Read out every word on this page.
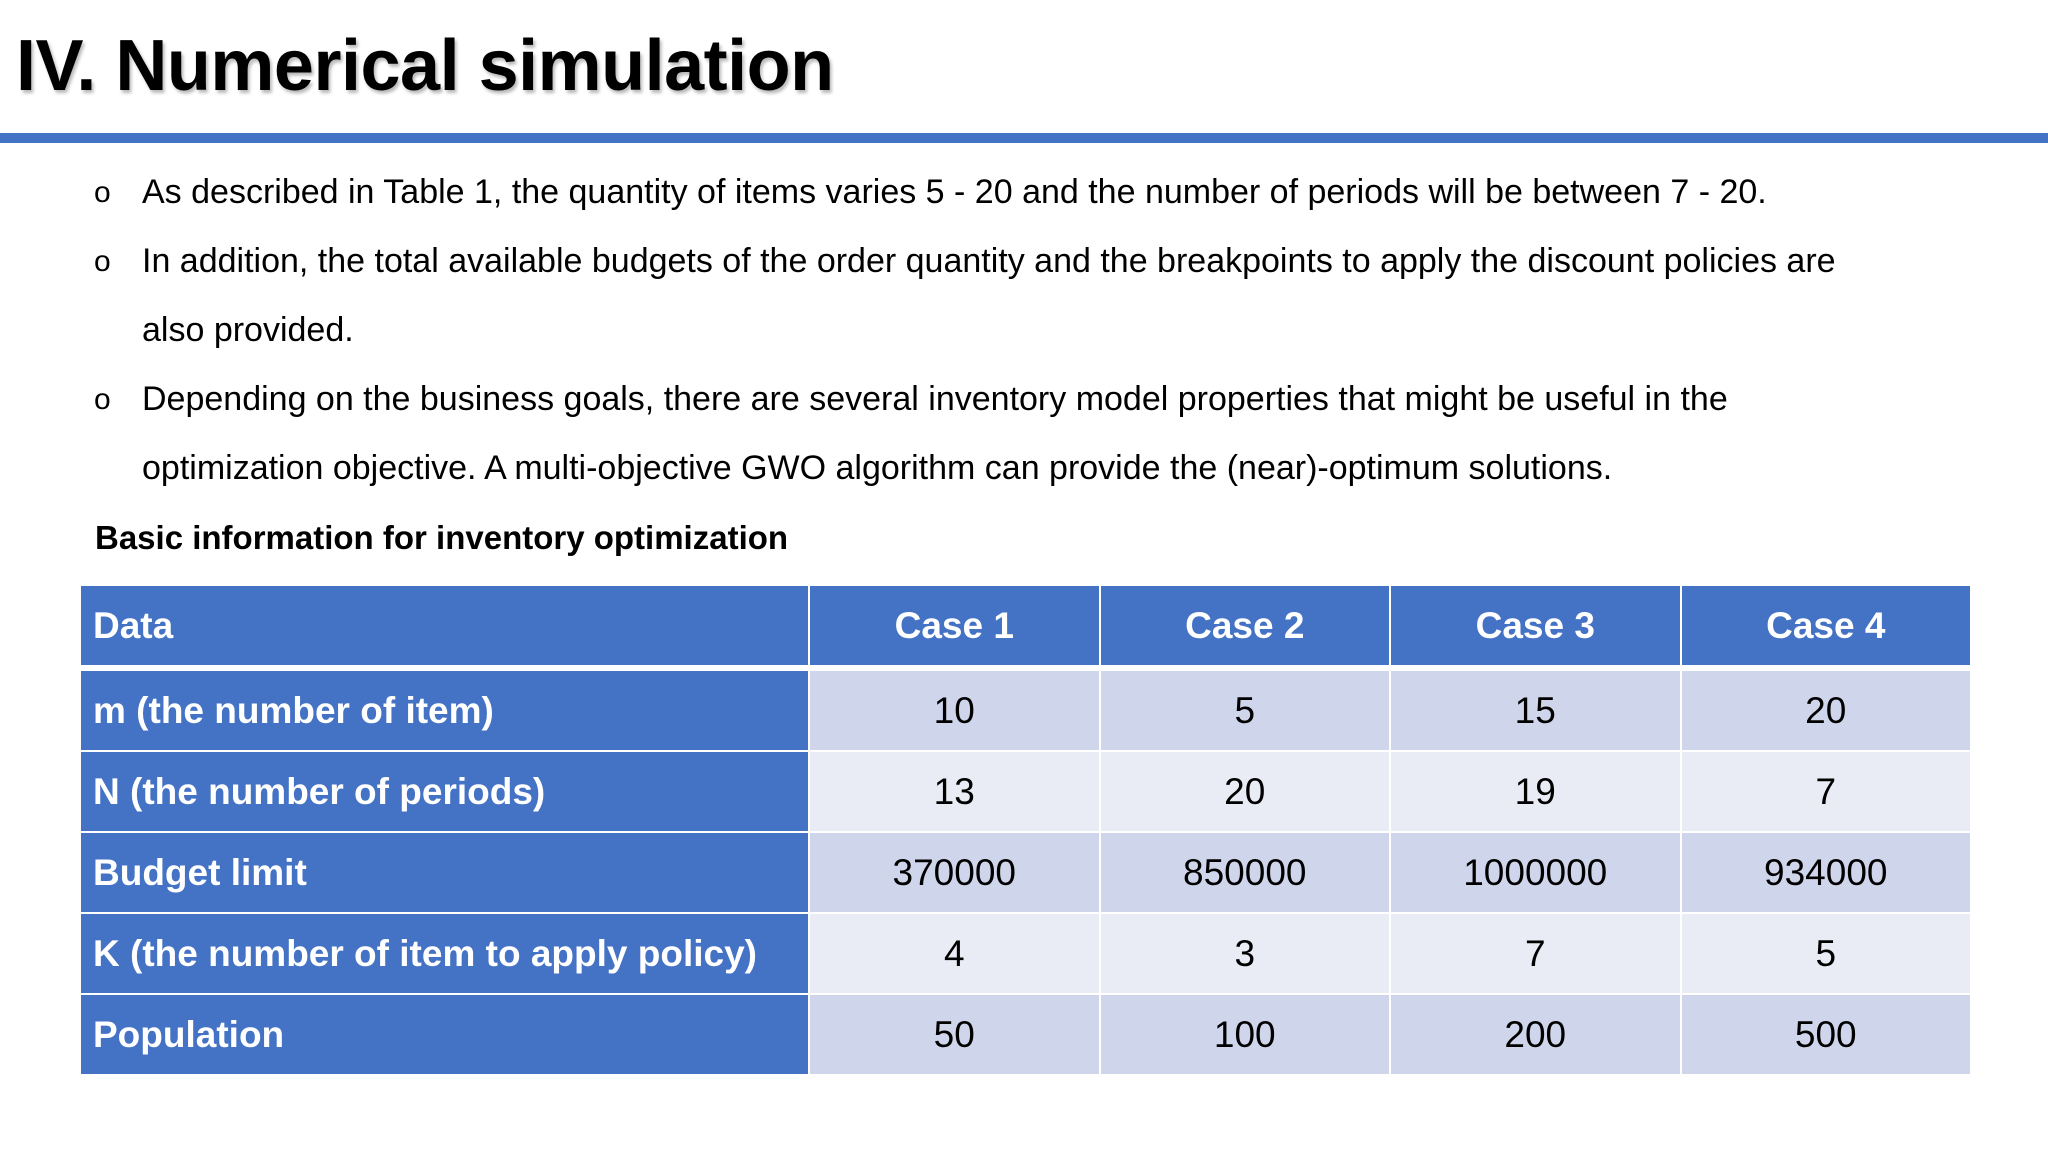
IV. Numerical simulation
o As described in Table 1, the quantity of items varies 5 - 20 and the number of periods will be between 7 - 20.
o In addition, the total available budgets of the order quantity and the breakpoints to apply the discount policies are
also provided.
o Depending on the business goals, there are several inventory model properties that might be useful in the
optimization objective. A multi-objective GWO algorithm can provide the (near)-optimum solutions.
Basic information for inventory optimization
Data	Case 1	Case 2	Case 3	Case 4
m (the number of item)	10	5	15	20
N (the number of periods)	13	20	19	7
Budget limit	370000	850000	1000000	934000
K (the number of item to apply policy)	4	3	7	5
Population	50	100	200	500
